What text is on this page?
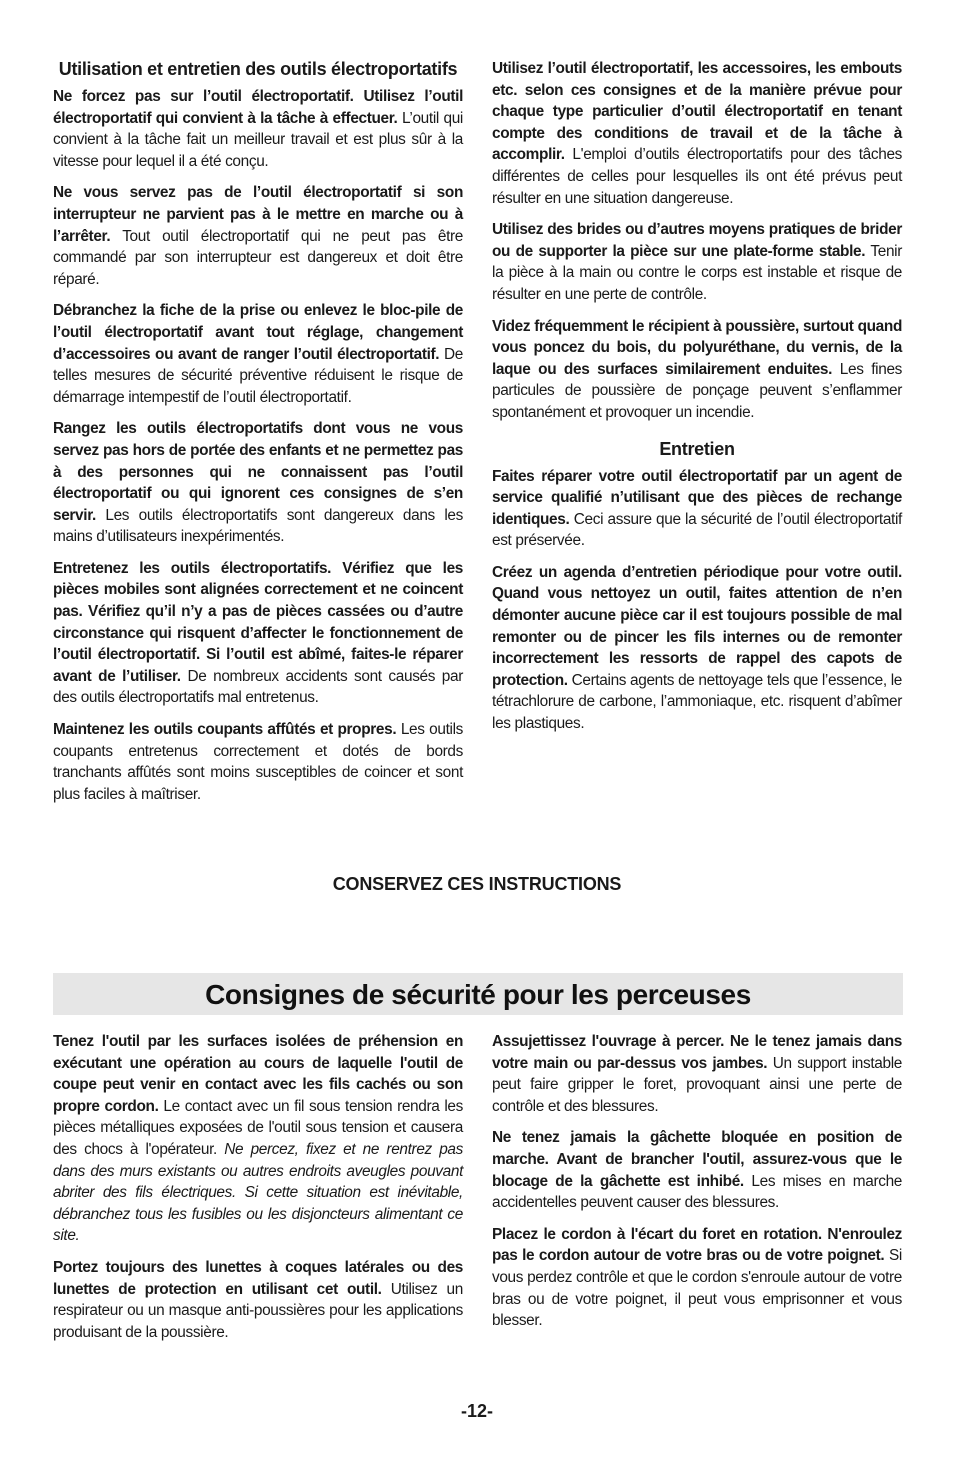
Utilisation et entretien des outils électroportatifs

Ne forcez pas sur l’outil électroportatif. Utilisez l’outil électroportatif qui convient à la tâche à effectuer. L’outil qui convient à la tâche fait un meilleur travail et est plus sûr à la vitesse pour lequel il a été conçu.

Ne vous servez pas de l’outil électroportatif si son interrupteur ne parvient pas à le mettre en marche ou à l’arrêter. Tout outil électroportatif qui ne peut pas être commandé par son interrupteur est dangereux et doit être réparé.

Débranchez la fiche de la prise ou enlevez le bloc-pile de l’outil électroportatif avant tout réglage, changement d’accessoires ou avant de ranger l’outil électroportatif. De telles mesures de sécurité préventive réduisent le risque de démarrage intempestif de l’outil électroportatif.

Rangez les outils électroportatifs dont vous ne vous servez pas hors de portée des enfants et ne permettez pas à des personnes qui ne connaissent pas l’outil électroportatif ou qui ignorent ces consignes de s’en servir. Les outils électroportatifs sont dangereux dans les mains d’utilisateurs inexpérimentés.

Entretenez les outils électroportatifs. Vérifiez que les pièces mobiles sont alignées correctement et ne coincent pas. Vérifiez qu’il n’y a pas de pièces cassées ou d’autre circonstance qui risquent d’affecter le fonctionnement de l’outil électroportatif. Si l’outil est abîmé, faites-le réparer avant de l’utiliser. De nombreux accidents sont causés par des outils électroportatifs mal entretenus.

Maintenez les outils coupants affûtés et propres. Les outils coupants entretenus correctement et dotés de bords tranchants affûtés sont moins susceptibles de coincer et sont plus faciles à maîtriser.

Utilisez l’outil électroportatif, les accessoires, les embouts etc. selon ces consignes et de la manière prévue pour chaque type particulier d’outil électroportatif en tenant compte des conditions de travail et de la tâche à accomplir. L'emploi d’outils électroportatifs pour des tâches différentes de celles pour lesquelles ils ont été prévus peut résulter en une situation dangereuse.

Utilisez des brides ou d’autres moyens pratiques de brider ou de supporter la pièce sur une plate-forme stable. Tenir la pièce à la main ou contre le corps est instable et risque de résulter en une perte de contrôle.

Videz fréquemment le récipient à poussière, surtout quand vous poncez du bois, du polyuréthane, du vernis, de la laque ou des surfaces similairement enduites. Les fines particules de poussière de ponçage peuvent s’enflammer spontanément et provoquer un incendie.

Entretien

Faites réparer votre outil électroportatif par un agent de service qualifié n’utilisant que des pièces de rechange identiques. Ceci assure que la sécurité de l’outil électroportatif est préservée.

Créez un agenda d’entretien périodique pour votre outil. Quand vous nettoyez un outil, faites attention de n’en démonter aucune pièce car il est toujours possible de mal remonter ou de pincer les fils internes ou de remonter incorrectement les ressorts de rappel des capots de protection. Certains agents de nettoyage tels que l’essence, le tétrachlorure de carbone, l’ammoniaque, etc. risquent d’abîmer les plastiques.

CONSERVEZ CES INSTRUCTIONS
Consignes de sécurité pour les perceuses

Tenez l'outil par les surfaces isolées de préhension en exécutant une opération au cours de laquelle l'outil de coupe peut venir en contact avec les fils cachés ou son propre cordon. Le contact avec un fil sous tension rendra les pièces métalliques exposées de l'outil sous tension et causera des chocs à l'opérateur. Ne percez, fixez et ne rentrez pas dans des murs existants ou autres endroits aveugles pouvant abriter des fils électriques. Si cette situation est inévitable, débranchez tous les fusibles ou les disjoncteurs alimentant ce site.

Portez toujours des lunettes à coques latérales ou des lunettes de protection en utilisant cet outil. Utilisez un respirateur ou un masque anti-poussières pour les applications produisant de la poussière.

Assujettissez l'ouvrage à percer. Ne le tenez jamais dans votre main ou par-dessus vos jambes. Un support instable peut faire gripper le foret, provoquant ainsi une perte de contrôle et des blessures.

Ne tenez jamais la gâchette bloquée en position de marche. Avant de brancher l'outil, assurez-vous que le blocage de la gâchette est inhibé. Les mises en marche accidentelles peuvent causer des blessures.

Placez le cordon à l'écart du foret en rotation. N'enroulez pas le cordon autour de votre bras ou de votre poignet. Si vous perdez contrôle et que le cordon s'enroule autour de votre bras ou de votre poignet, il peut vous emprisonner et vous blesser.

-12-
